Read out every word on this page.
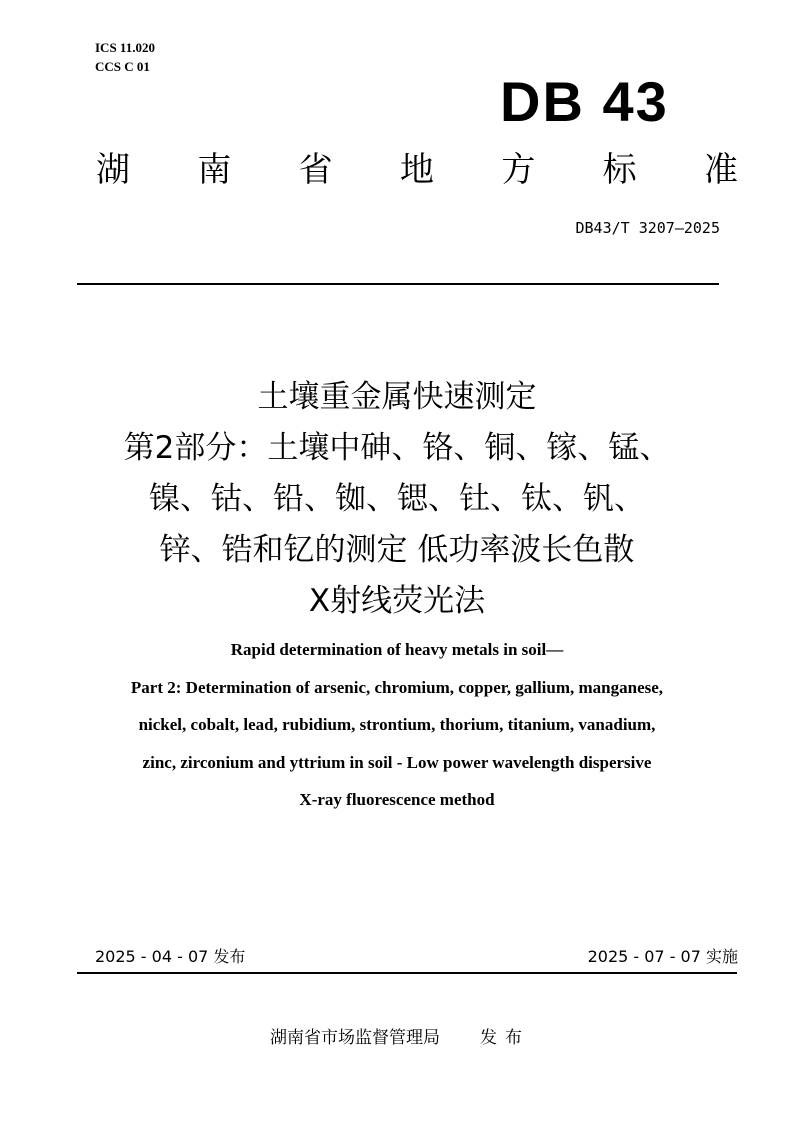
ICS 11.020
CCS C 01
DB 43
湖 南 省 地 方 标 准
DB43/T 3207—2025
土壤重金属快速测定
第2部分：土壤中砷、铬、铜、镓、锰、
镍、钴、铅、铷、锶、钍、钛、钒、
锌、锆和钇的测定 低功率波长色散
X射线荧光法
Rapid determination of heavy metals in soil—
Part 2: Determination of arsenic, chromium, copper, gallium, manganese,
nickel, cobalt, lead, rubidium, strontium, thorium, titanium, vanadium,
zinc, zirconium and yttrium in soil - Low power wavelength dispersive
X-ray fluorescence method
2025 - 04 - 07 发布	2025 - 07 - 07 实施
湖南省市场监督管理局 发布
